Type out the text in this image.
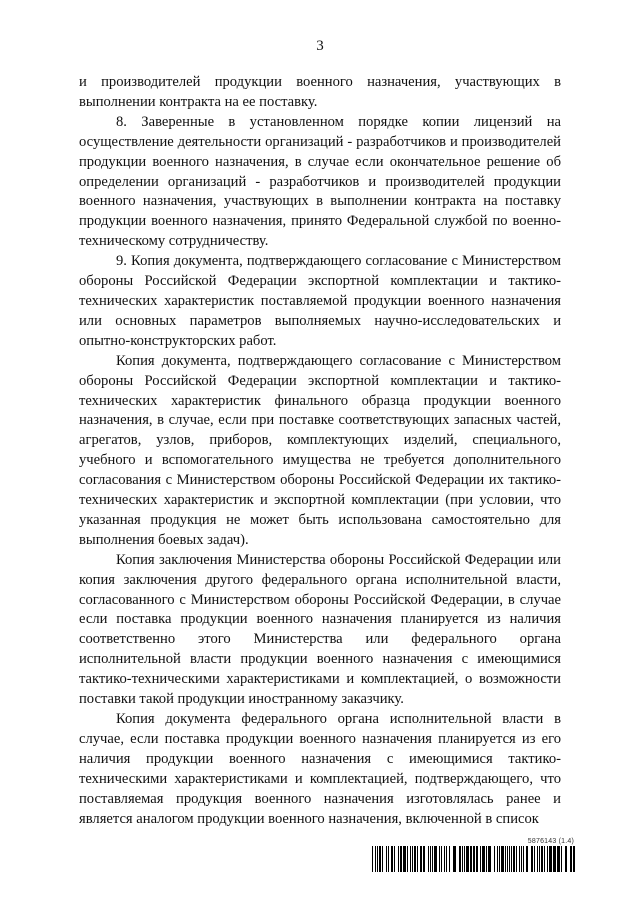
3

и производителей продукции военного назначения, участвующих в выполнении контракта на ее поставку.

8. Заверенные в установленном порядке копии лицензий на осуществление деятельности организаций - разработчиков и производителей продукции военного назначения, в случае если окончательное решение об определении организаций - разработчиков и производителей продукции военного назначения, участвующих в выполнении контракта на поставку продукции военного назначения, принято Федеральной службой по военно-техническому сотрудничеству.

9. Копия документа, подтверждающего согласование с Министерством обороны Российской Федерации экспортной комплектации и тактико-технических характеристик поставляемой продукции военного назначения или основных параметров выполняемых научно-исследовательских и опытно-конструкторских работ.

Копия документа, подтверждающего согласование с Министерством обороны Российской Федерации экспортной комплектации и тактико-технических характеристик финального образца продукции военного назначения, в случае, если при поставке соответствующих запасных частей, агрегатов, узлов, приборов, комплектующих изделий, специального, учебного и вспомогательного имущества не требуется дополнительного согласования с Министерством обороны Российской Федерации их тактико-технических характеристик и экспортной комплектации (при условии, что указанная продукция не может быть использована самостоятельно для выполнения боевых задач).

Копия заключения Министерства обороны Российской Федерации или копия заключения другого федерального органа исполнительной власти, согласованного с Министерством обороны Российской Федерации, в случае если поставка продукции военного назначения планируется из наличия соответственно этого Министерства или федерального органа исполнительной власти продукции военного назначения с имеющимися тактико-техническими характеристиками и комплектацией, о возможности поставки такой продукции иностранному заказчику.

Копия документа федерального органа исполнительной власти в случае, если поставка продукции военного назначения планируется из его наличия продукции военного назначения с имеющимися тактико-техническими характеристиками и комплектацией, подтверждающего, что поставляемая продукция военного назначения изготовлялась ранее и является аналогом продукции военного назначения, включенной в список

5876143 (1.4)
